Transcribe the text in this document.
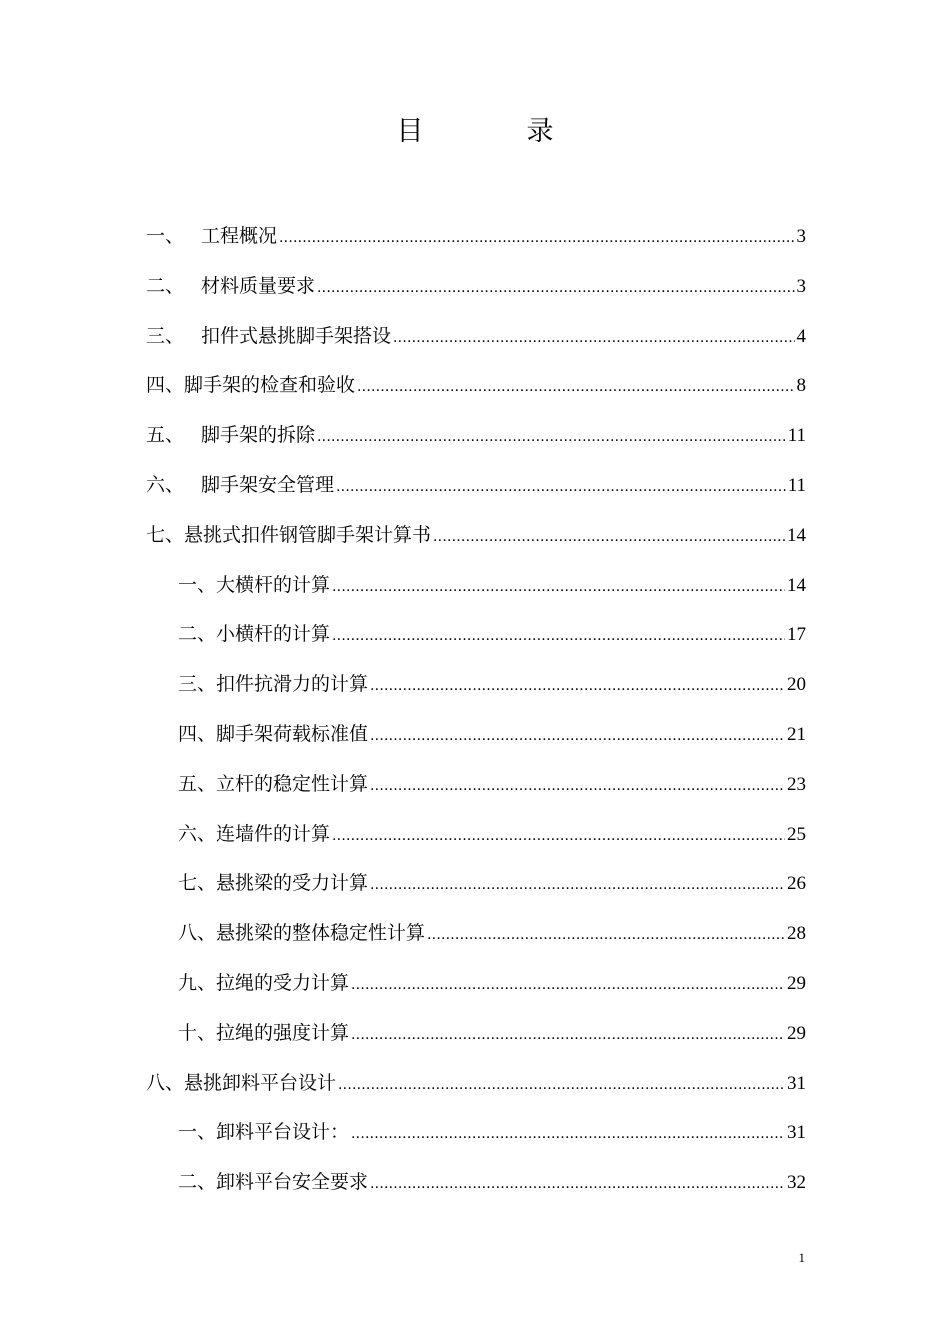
目　录
一、 工程概况 .....	3
二、 材料质量要求 .....	3
三、 扣件式悬挑脚手架搭设 .....	4
四、 脚手架的检查和验收 .....	8
五、 脚手架的拆除 .....	11
六、 脚手架安全管理 .....	11
七、 悬挑式扣件钢管脚手架计算书 .....	14
一、 大横杆的计算 .....	14
二、 小横杆的计算 .....	17
三、 扣件抗滑力的计算 .....	20
四、 脚手架荷载标准值 .....	21
五、 立杆的稳定性计算 .....	23
六、 连墙件的计算 .....	25
七、 悬挑梁的受力计算 .....	26
八、 悬挑梁的整体稳定性计算 .....	28
九、 拉绳的受力计算 .....	29
十、 拉绳的强度计算 .....	29
八、 悬挑卸料平台设计 .....	31
一、 卸料平台设计： .....	31
二、 卸料平台安全要求 .....	32
1
